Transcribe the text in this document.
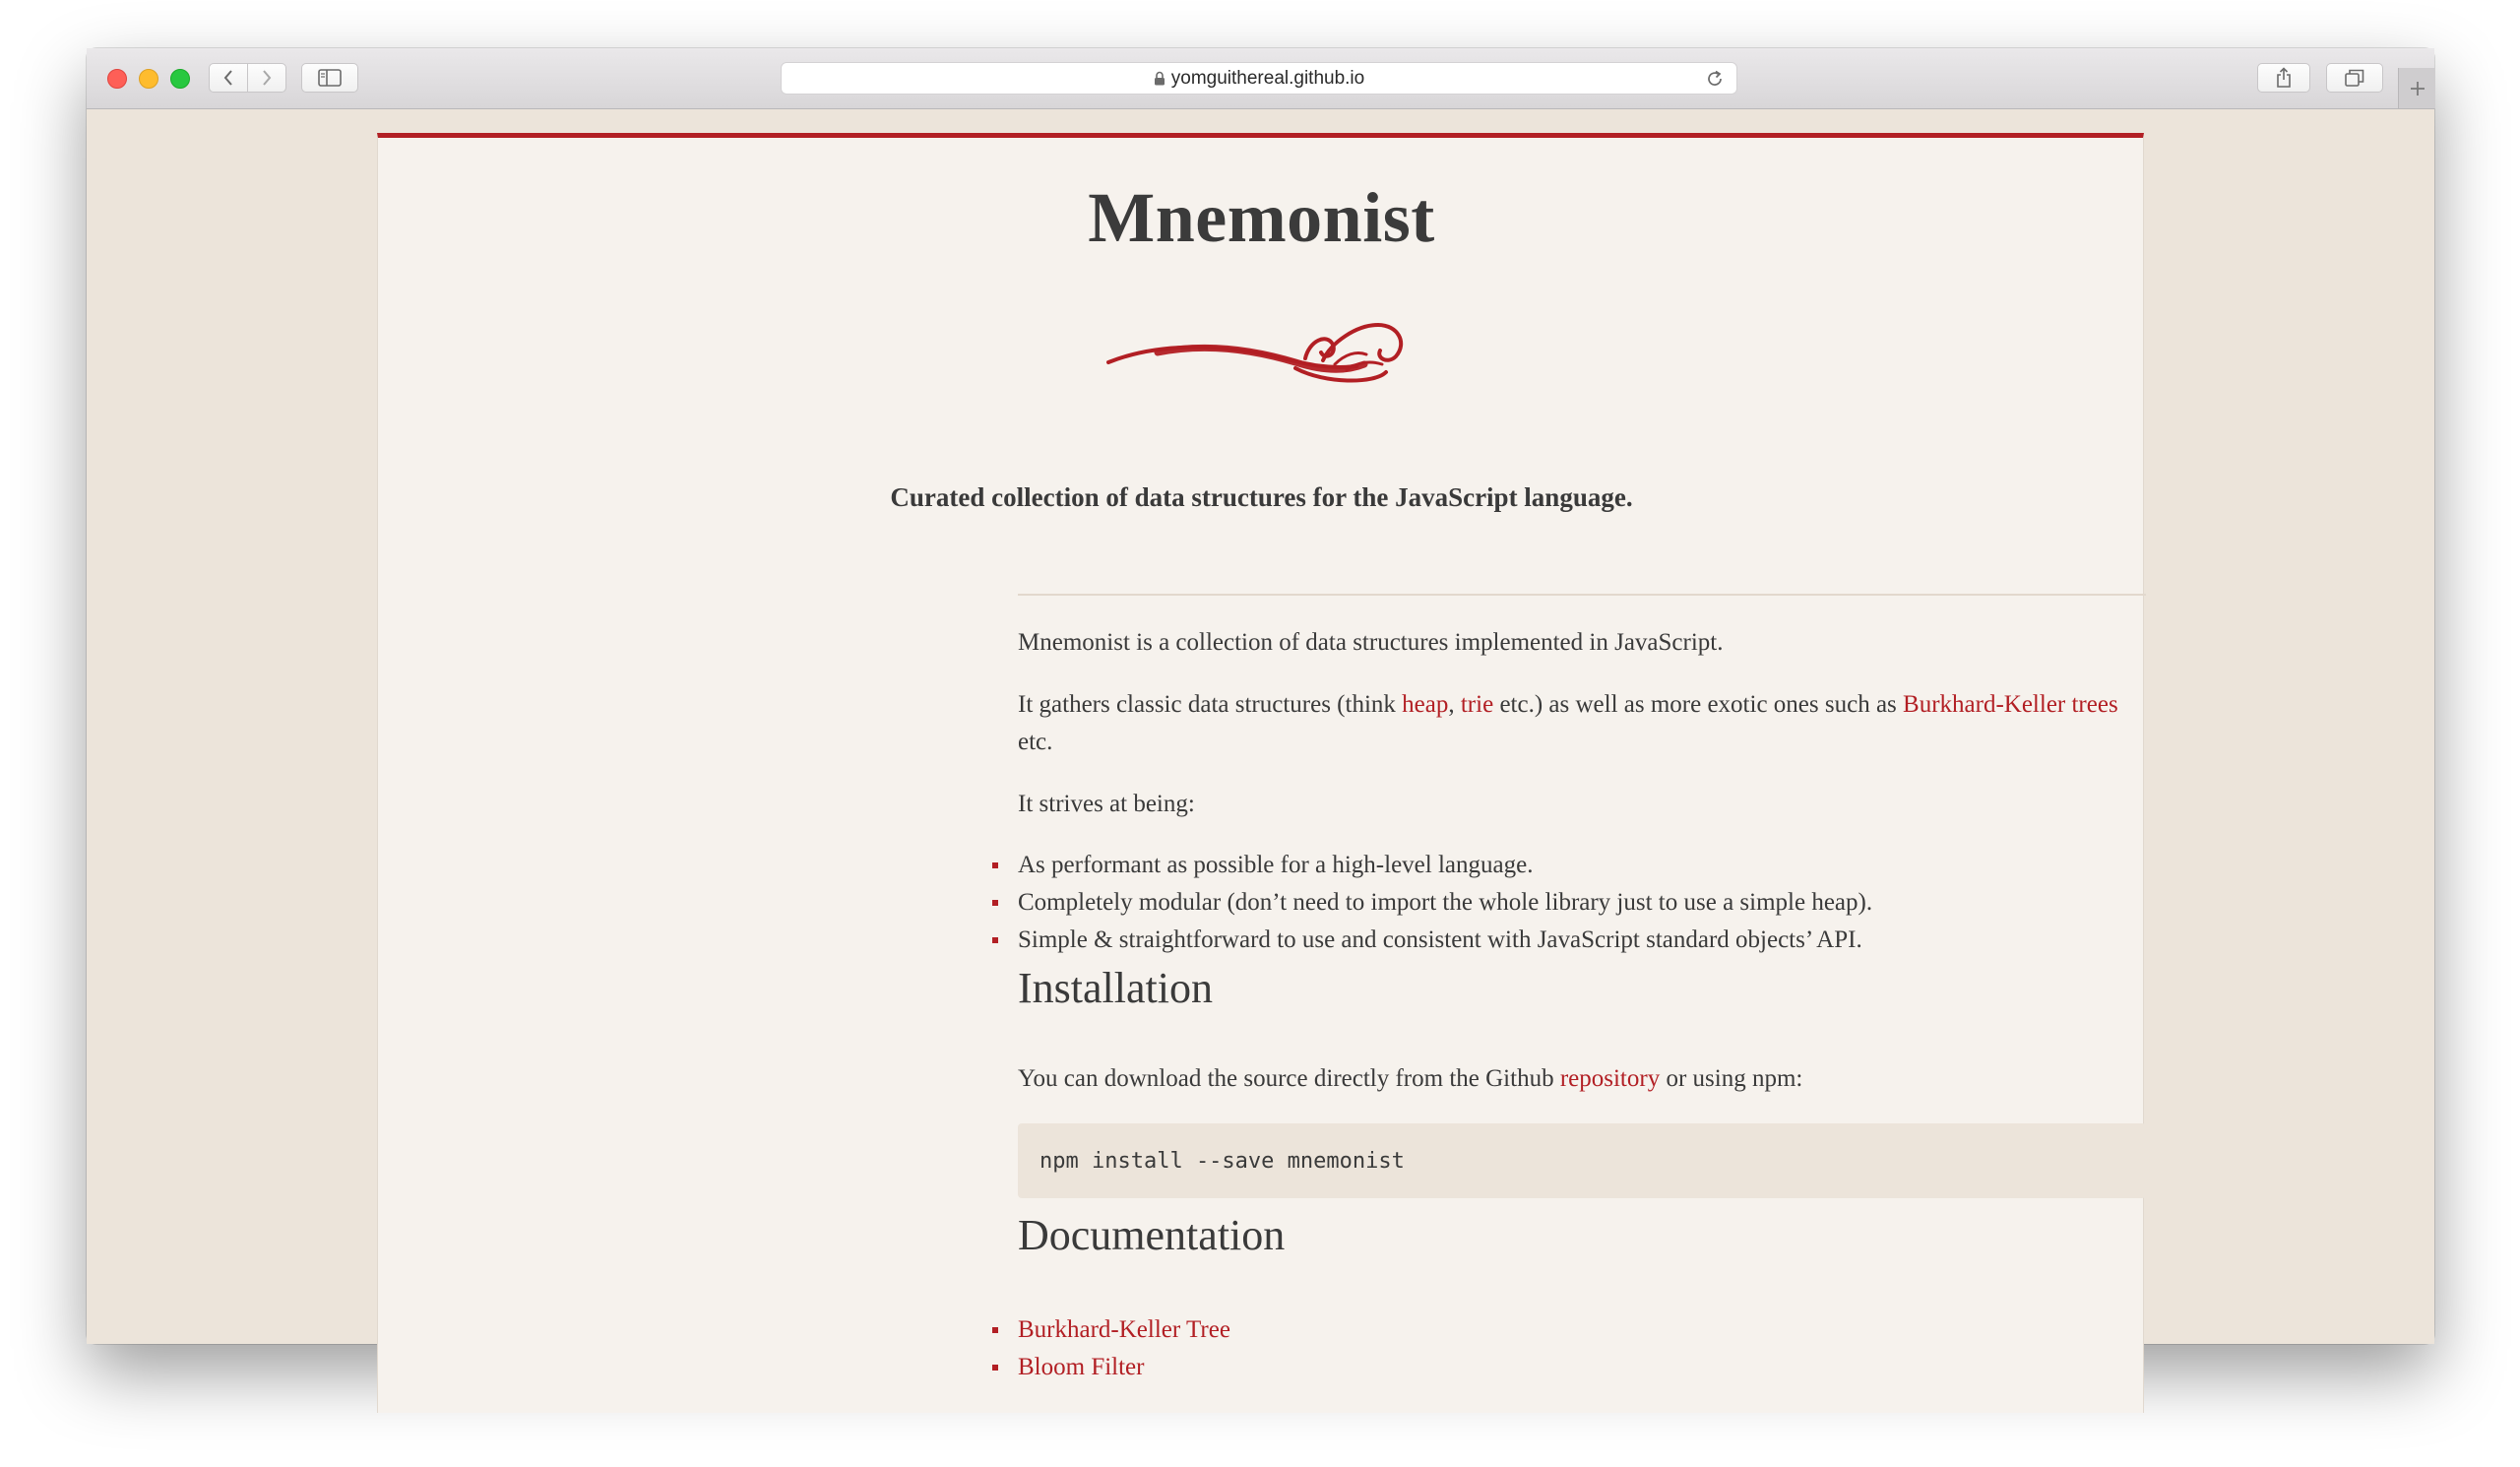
yomguithereal.github.io
Mnemonist

Curated collection of data structures for the JavaScript language.

Mnemonist is a collection of data structures implemented in JavaScript.

It gathers classic data structures (think heap, trie etc.) as well as more exotic ones such as Burkhard-Keller trees etc.

It strives at being:

As performant as possible for a high-level language.
Completely modular (don’t need to import the whole library just to use a simple heap).
Simple & straightforward to use and consistent with JavaScript standard objects’ API.
Installation

You can download the source directly from the Github repository or using npm:

npm install --save mnemonist
Documentation
Burkhard-Keller Tree
Bloom Filter
